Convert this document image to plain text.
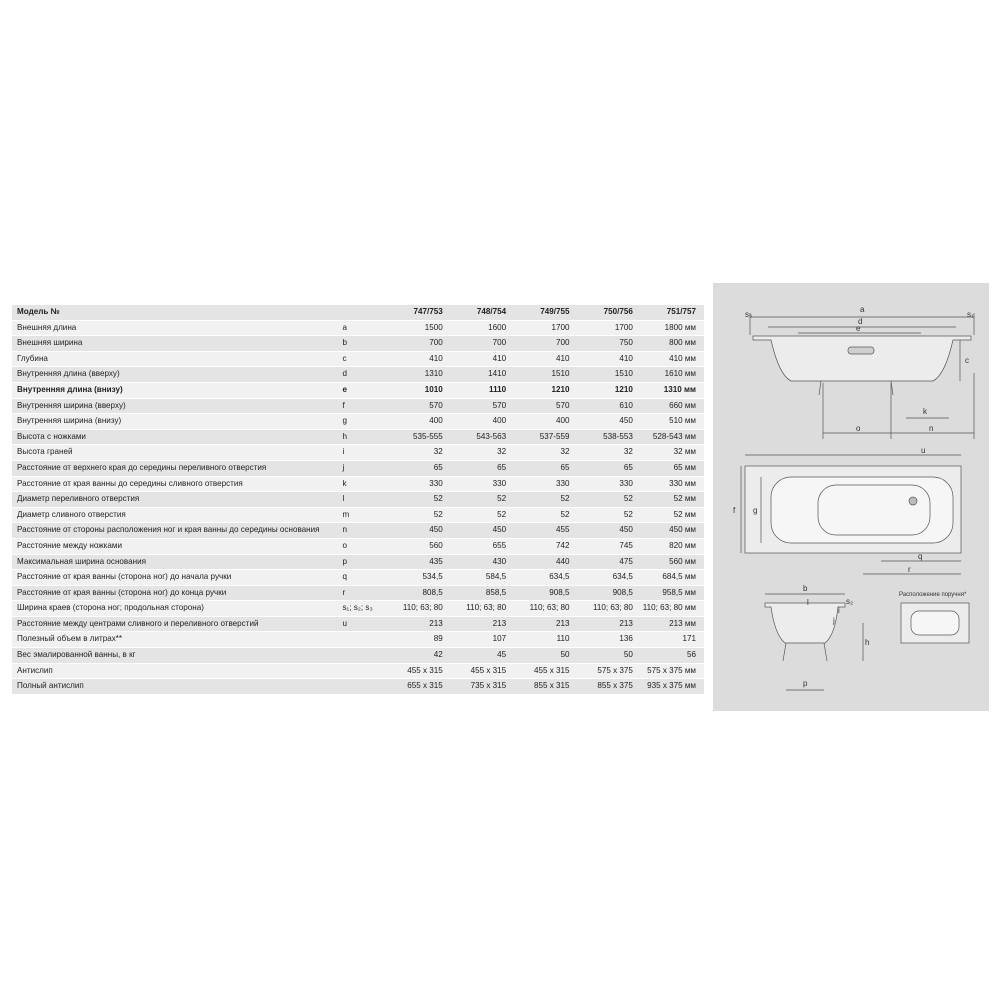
Модель №		747/753	748/754	749/755	750/756	751/757
Внешняя длина	a	1500	1600	1700	1700	1800 мм
Внешняя ширина	b	700	700	700	750	800 мм
Глубина	c	410	410	410	410	410 мм
Внутренняя длина (вверху)	d	1310	1410	1510	1510	1610 мм
Внутренняя длина (внизу)	e	1010	1110	1210	1210	1310 мм
Внутренняя ширина (вверху)	f	570	570	570	610	660 мм
Внутренняя ширина (внизу)	g	400	400	400	450	510 мм
Высота с ножками	h	535-555	543-563	537-559	538-553	528-543 мм
Высота граней	i	32	32	32	32	32 мм
Расстояние от верхнего края до середины переливного отверстия	j	65	65	65	65	65 мм
Расстояние от края ванны до середины сливного отверстия	k	330	330	330	330	330 мм
Диаметр переливного отверстия	l	52	52	52	52	52 мм
Диаметр сливного отверстия	m	52	52	52	52	52 мм
Расстояние от стороны расположения ног и края ванны до середины основания	n	450	450	455	450	450 мм
Расстояние между ножками	o	560	655	742	745	820 мм
Максимальная ширина основания	p	435	430	440	475	560 мм
Расстояние от края ванны (сторона ног) до начала ручки	q	534,5	584,5	634,5	634,5	684,5 мм
Расстояние от края ванны (сторона ног) до конца ручки	r	808,5	858,5	908,5	908,5	958,5 мм
Ширина краев (сторона ног; продольная сторона)	s₁; s₂; s₃	110; 63; 80	110; 63; 80	110; 63; 80	110; 63; 80	110; 63; 80 мм
Расстояние между центрами сливного и переливного отверстий	u	213	213	213	213	213 мм
Полезный объем в литрах**		89	107	110	136	171
Вес эмалированной ванны, в кг		42	45	50	50	56
Антислип		455 x 315	455 x 315	455 x 315	575 x 375	575 x 375 мм
Полный антислип		655 x 315	735 x 315	855 x 315	855 x 375	935 x 375 мм
a
d
e
s₃	s₁
c
k
o	n
u
g
f
q
r
b
l
i
s₂
j
h
p
Расположение поручня*
